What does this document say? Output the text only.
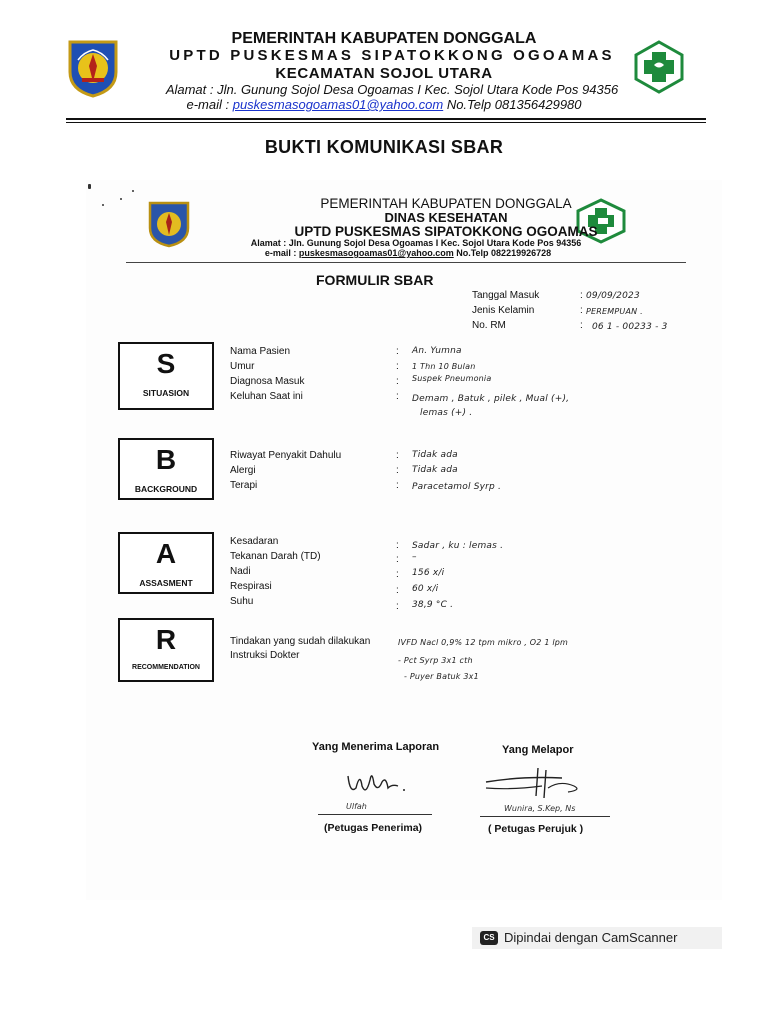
PEMERINTAH KABUPATEN DONGGALA
UPTD PUSKESMAS SIPATOKKONG OGOAMAS
KECAMATAN SOJOL UTARA
Alamat : Jln. Gunung Sojol Desa Ogoamas I Kec. Sojol Utara Kode Pos 94356
e-mail : puskesmasogoamas01@yahoo.com No.Telp 081356429980
BUKTI KOMUNIKASI SBAR
PEMERINTAH KABUPATEN DONGGALA
DINAS KESEHATAN
UPTD PUSKESMAS SIPATOKKONG OGOAMAS
Alamat : Jln. Gunung Sojol Desa Ogoamas I Kec. Sojol Utara Kode Pos 94356
e-mail : puskesmasogoamas01@yahoo.com No.Telp 082219926728
FORMULIR SBAR
Tanggal Masuk	: 09/09/2023
Jenis Kelamin	: PEREMPUAN .
No. RM	: 06 1 - 00233 - 3
S
SITUASION
Nama Pasien	: An. Yumna
Umur	: 1 Thn 10 Bulan
Diagnosa Masuk	: Suspek Pneumonia
Keluhan Saat ini	: Demam , Batuk , pilek , Mual (+),
lemas (+) .
B
BACKGROUND
Riwayat Penyakit Dahulu	: Tidak ada
Alergi	: Tidak ada
Terapi	: Paracetamol Syrp .
A
ASSASMENT
Kesadaran	: Sadar , ku : lemas .
Tekanan Darah (TD)	: –
Nadi	: 156 x/i
Respirasi	: 60 x/i
Suhu	: 38,9 °C .
R
RECOMMENDATION
Tindakan yang sudah dilakukan	IVFD Nacl 0,9% 12 tpm mikro , O2 1 lpm
Instruksi Dokter	- Pct Syrp 3x1 cth
- Puyer Batuk 3x1
Yang Menerima Laporan	Yang Melapor
Ulfah
(Petugas Penerima)
Wunira, S.Kep, Ns
( Petugas Perujuk )
CS Dipindai dengan CamScanner
